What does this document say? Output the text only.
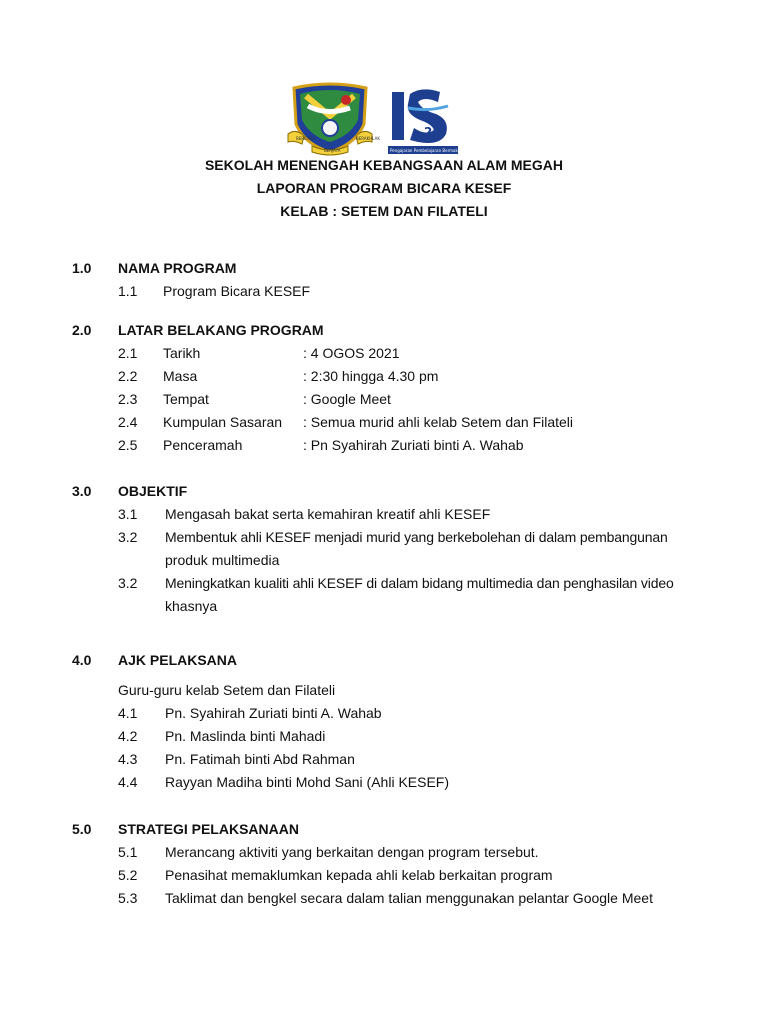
BERILMU	BERAKHLAK
BERJAYA
25
Pengajaran Pembelajaran Bermakna
SEKOLAH MENENGAH KEBANGSAAN ALAM MEGAH
LAPORAN PROGRAM BICARA KESEF
KELAB : SETEM DAN FILATELI
1.0 NAMA PROGRAM
1.1 Program Bicara KESEF
2.0 LATAR BELAKANG PROGRAM
2.1 Tarikh	: 4 OGOS 2021
2.2 Masa	: 2:30 hingga 4.30 pm
2.3 Tempat	: Google Meet
2.4 Kumpulan Sasaran : Semua murid ahli kelab Setem dan Filateli
2.5 Penceramah	: Pn Syahirah Zuriati binti A. Wahab
3.0 OBJEKTIF
3.1 Mengasah bakat serta kemahiran kreatif ahli KESEF
3.2 Membentuk ahli KESEF menjadi murid yang berkebolehan di dalam pembangunan
produk multimedia
3.2 Meningkatkan kualiti ahli KESEF di dalam bidang multimedia dan penghasilan video
khasnya
4.0 AJK PELAKSANA
Guru-guru kelab Setem dan Filateli
4.1 Pn. Syahirah Zuriati binti A. Wahab
4.2 Pn. Maslinda binti Mahadi
4.3 Pn. Fatimah binti Abd Rahman
4.4 Rayyan Madiha binti Mohd Sani (Ahli KESEF)
5.0 STRATEGI PELAKSANAAN
5.1 Merancang aktiviti yang berkaitan dengan program tersebut.
5.2 Penasihat memaklumkan kepada ahli kelab berkaitan program
5.3 Taklimat dan bengkel secara dalam talian menggunakan pelantar Google Meet
